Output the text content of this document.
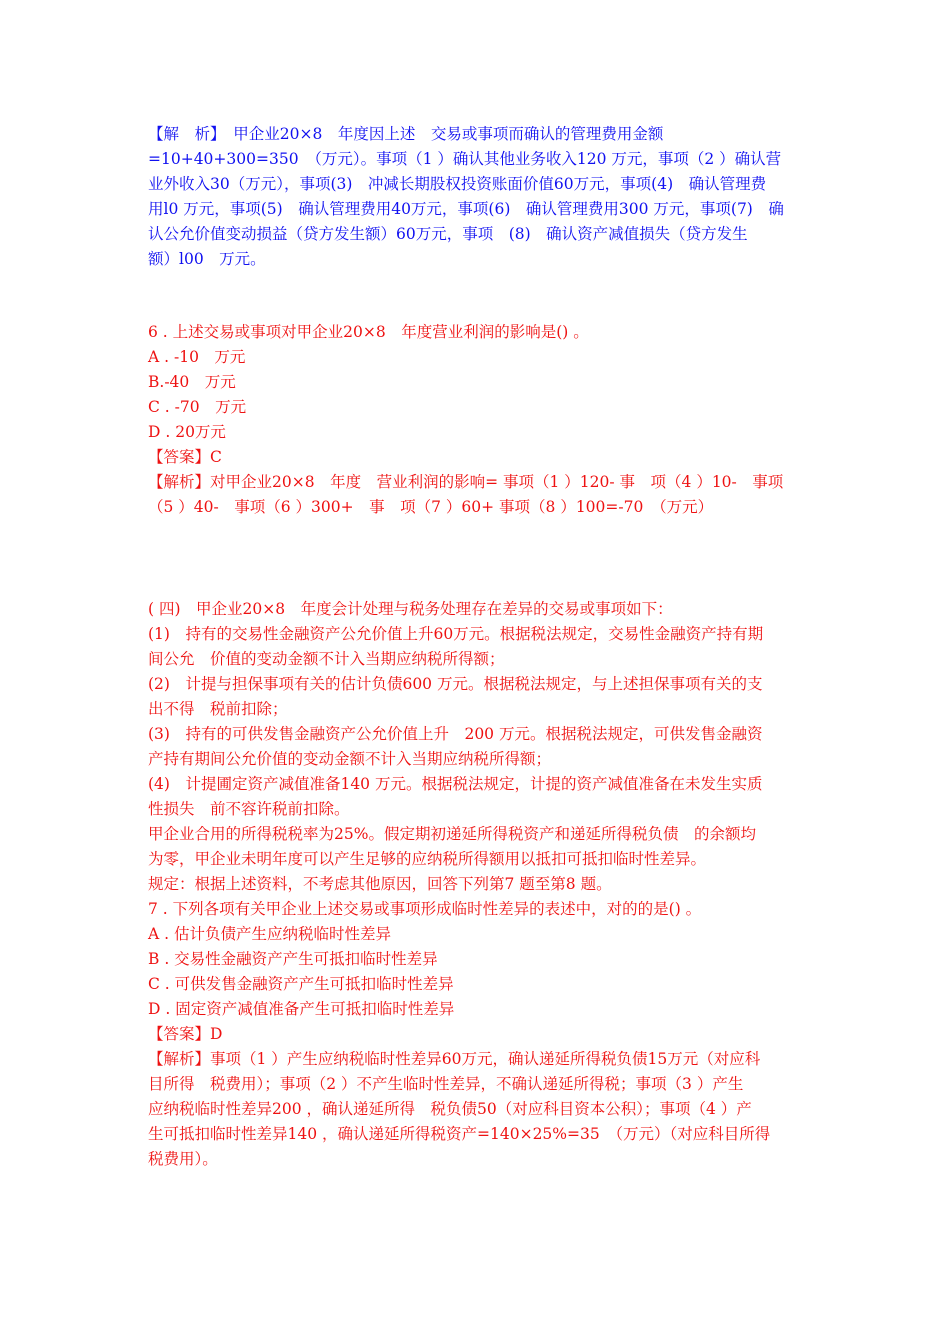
【解　析】　甲企业20×8　年度因上述　交易或事项而确认的管理费用金额
=10+40+300=350　（万元）。事项（1 ）确认其他业务收入120 万元，事项（2 ）确认营
业外收入30（万元），事项(3)　冲减长期股权投资账面价值60万元，事项(4)　确认管理费
用l0 万元，事项(5)　确认管理费用40万元，事项(6)　确认管理费用300 万元，事项(7)　确
认公允价值变动损益（贷方发生额）60万元，事项　(8)　确认资产减值损失（贷方发生
额）l00　万元。
6 . 上述交易或事项对甲企业20×8　年度营业利润的影响是() 。
A . -10　万元
B.-40　万元
C . -70　万元
D . 20万元
【答案】C
【解析】对甲企业20×8　年度　营业利润的影响= 事项（1 ）120- 事　项（4 ）10-　事项
（5 ）40-　事项（6 ）300+　事　项（7 ）60+ 事项（8 ）100=-70　（万元）
( 四)　甲企业20×8　年度会计处理与税务处理存在差异的交易或事项如下：
(1)　持有的交易性金融资产公允价值上升60万元。根据税法规定，交易性金融资产持有期
间公允　价值的变动金额不计入当期应纳税所得额；
(2)　计提与担保事项有关的估计负债600 万元。根据税法规定，与上述担保事项有关的支
出不得　税前扣除；
(3)　持有的可供发售金融资产公允价值上升　200 万元。根据税法规定，可供发售金融资
产持有期间公允价值的变动金额不计入当期应纳税所得额；
(4)　计提圃定资产减值准备140 万元。根据税法规定，计提的资产减值准备在未发生实质
性损失　前不容许税前扣除。
甲企业合用的所得税税率为25%。假定期初递延所得税资产和递延所得税负债　的余额均
为零，甲企业未明年度可以产生足够的应纳税所得额用以抵扣可抵扣临时性差异。
规定：根据上述资料，不考虑其他原因，回答下列第7 题至第8 题。
7 . 下列各项有关甲企业上述交易或事项形成临时性差异的表述中，对的的是() 。
A . 估计负债产生应纳税临时性差异
B . 交易性金融资产产生可抵扣临时性差异
C . 可供发售金融资产产生可抵扣临时性差异
D . 固定资产减值准备产生可抵扣临时性差异
【答案】D
【解析】事项（1 ）产生应纳税临时性差异60万元，确认递延所得税负债15万元（对应科
目所得　税费用）；事项（2 ）不产生临时性差异，不确认递延所得税；事项（3 ）产生
应纳税临时性差异200 ，确认递延所得　税负债50（对应科目资本公积）；事项（4 ）产
生可抵扣临时性差异140 ，确认递延所得税资产=140×25%=35　（万元）（对应科目所得
税费用）。
